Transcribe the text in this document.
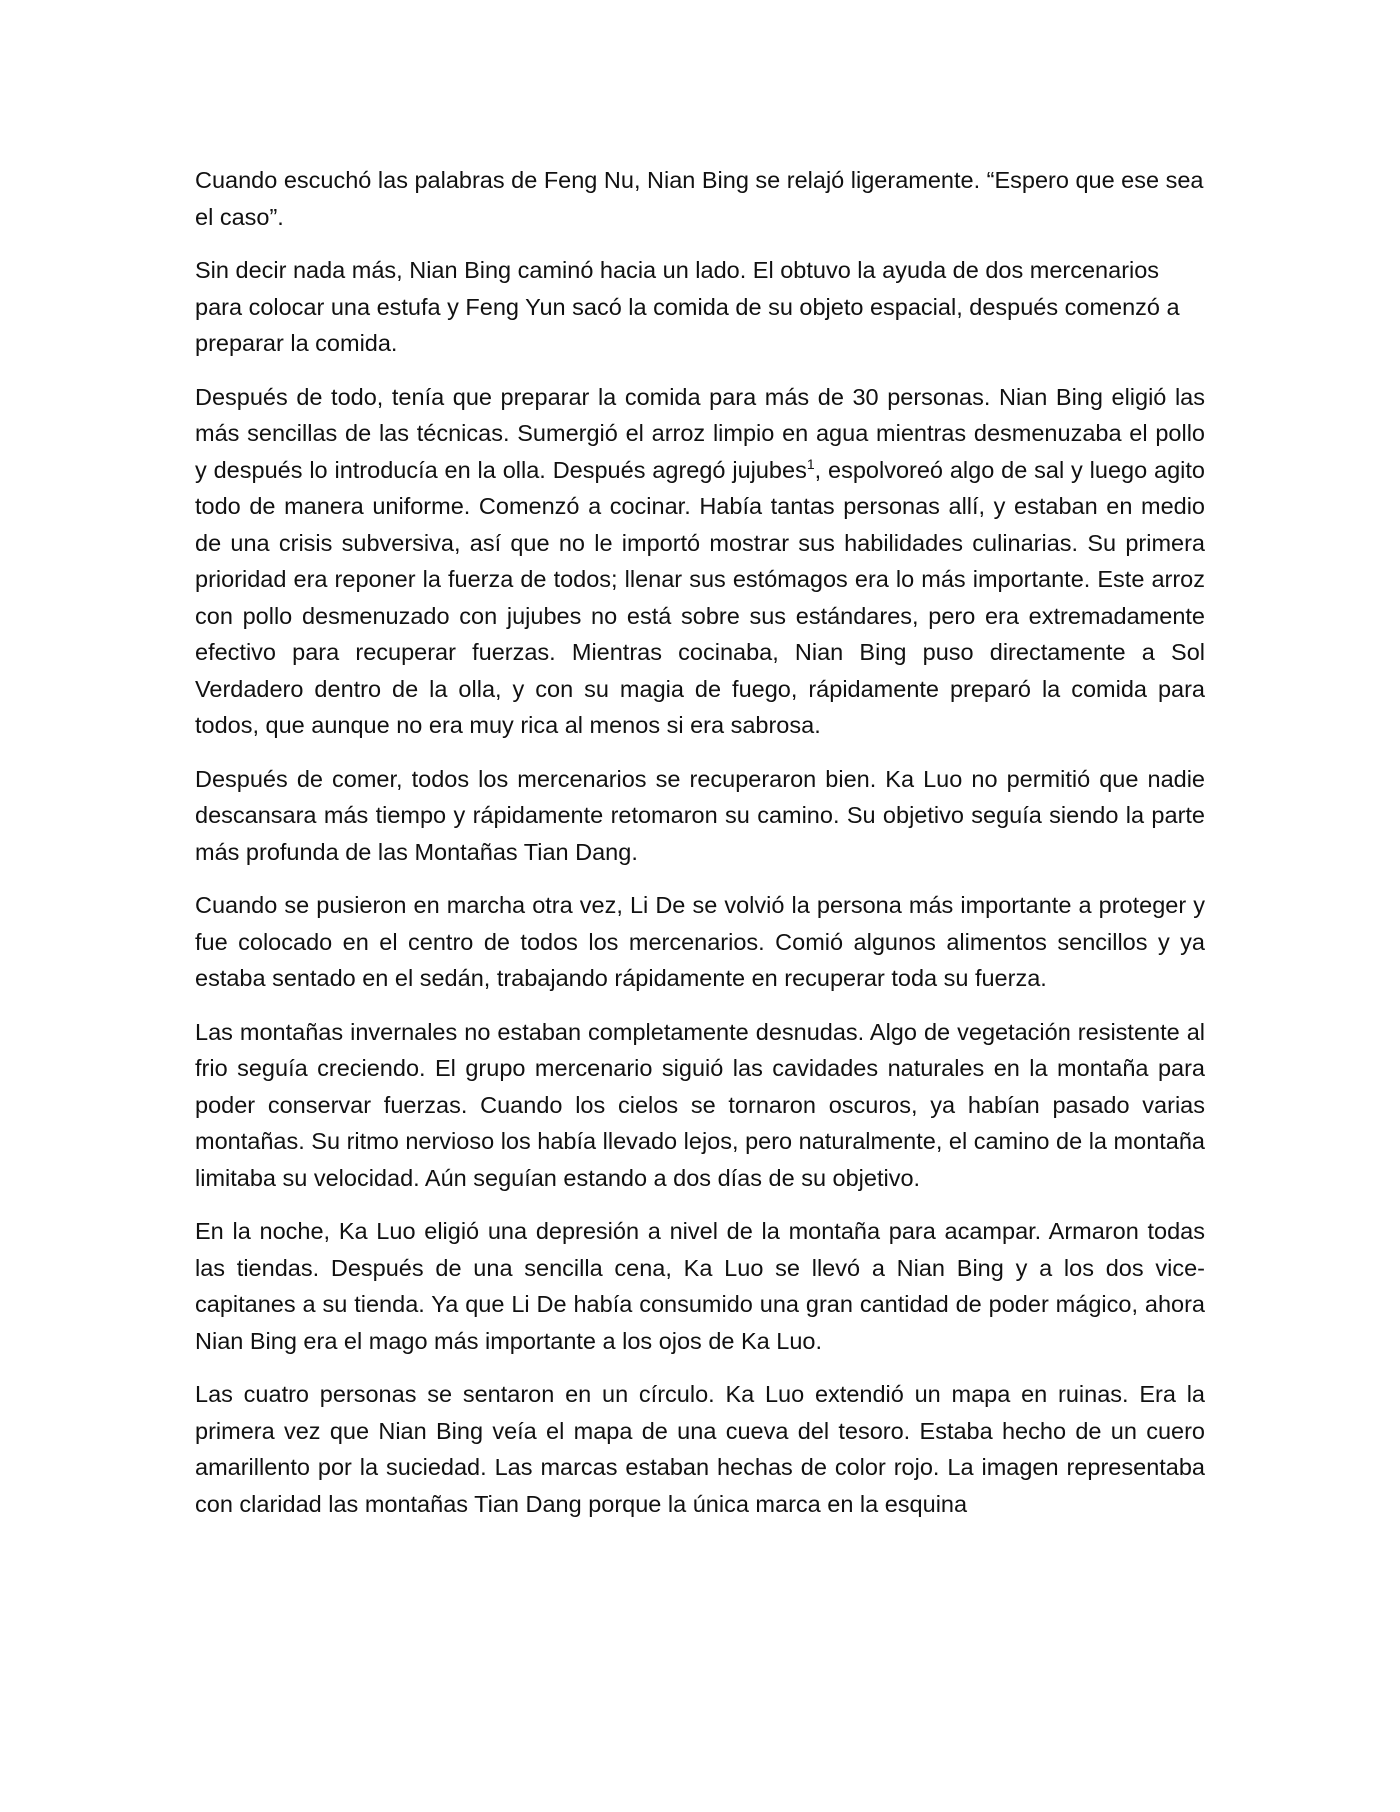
Cuando escuchó las palabras de Feng Nu, Nian Bing se relajó ligeramente. “Espero que ese sea el caso”.

Sin decir nada más, Nian Bing caminó hacia un lado. El obtuvo la ayuda de dos mercenarios para colocar una estufa y Feng Yun sacó la comida de su objeto espacial, después comenzó a preparar la comida.

Después de todo, tenía que preparar la comida para más de 30 personas. Nian Bing eligió las más sencillas de las técnicas. Sumergió el arroz limpio en agua mientras desmenuzaba el pollo y después lo introducía en la olla. Después agregó jujubes$^1$, espolvoreó algo de sal y luego agito todo de manera uniforme. Comenzó a cocinar. Había tantas personas allí, y estaban en medio de una crisis subversiva, así que no le importó mostrar sus habilidades culinarias. Su primera prioridad era reponer la fuerza de todos; llenar sus estómagos era lo más importante. Este arroz con pollo desmenuzado con jujubes no está sobre sus estándares, pero era extremadamente efectivo para recuperar fuerzas. Mientras cocinaba, Nian Bing puso directamente a Sol Verdadero dentro de la olla, y con su magia de fuego, rápidamente preparó la comida para todos, que aunque no era muy rica al menos si era sabrosa.

Después de comer, todos los mercenarios se recuperaron bien. Ka Luo no permitió que nadie descansara más tiempo y rápidamente retomaron su camino. Su objetivo seguía siendo la parte más profunda de las Montañas Tian Dang.

Cuando se pusieron en marcha otra vez, Li De se volvió la persona más importante a proteger y fue colocado en el centro de todos los mercenarios. Comió algunos alimentos sencillos y ya estaba sentado en el sedán, trabajando rápidamente en recuperar toda su fuerza.

Las montañas invernales no estaban completamente desnudas. Algo de vegetación resistente al frio seguía creciendo. El grupo mercenario siguió las cavidades naturales en la montaña para poder conservar fuerzas. Cuando los cielos se tornaron oscuros, ya habían pasado varias montañas. Su ritmo nervioso los había llevado lejos, pero naturalmente, el camino de la montaña limitaba su velocidad. Aún seguían estando a dos días de su objetivo.

En la noche, Ka Luo eligió una depresión a nivel de la montaña para acampar. Armaron todas las tiendas. Después de una sencilla cena, Ka Luo se llevó a Nian Bing y a los dos vice-capitanes a su tienda. Ya que Li De había consumido una gran cantidad de poder mágico, ahora Nian Bing era el mago más importante a los ojos de Ka Luo.

Las cuatro personas se sentaron en un círculo. Ka Luo extendió un mapa en ruinas. Era la primera vez que Nian Bing veía el mapa de una cueva del tesoro. Estaba hecho de un cuero amarillento por la suciedad. Las marcas estaban hechas de color rojo. La imagen representaba con claridad las montañas Tian Dang porque la única marca en la esquina
